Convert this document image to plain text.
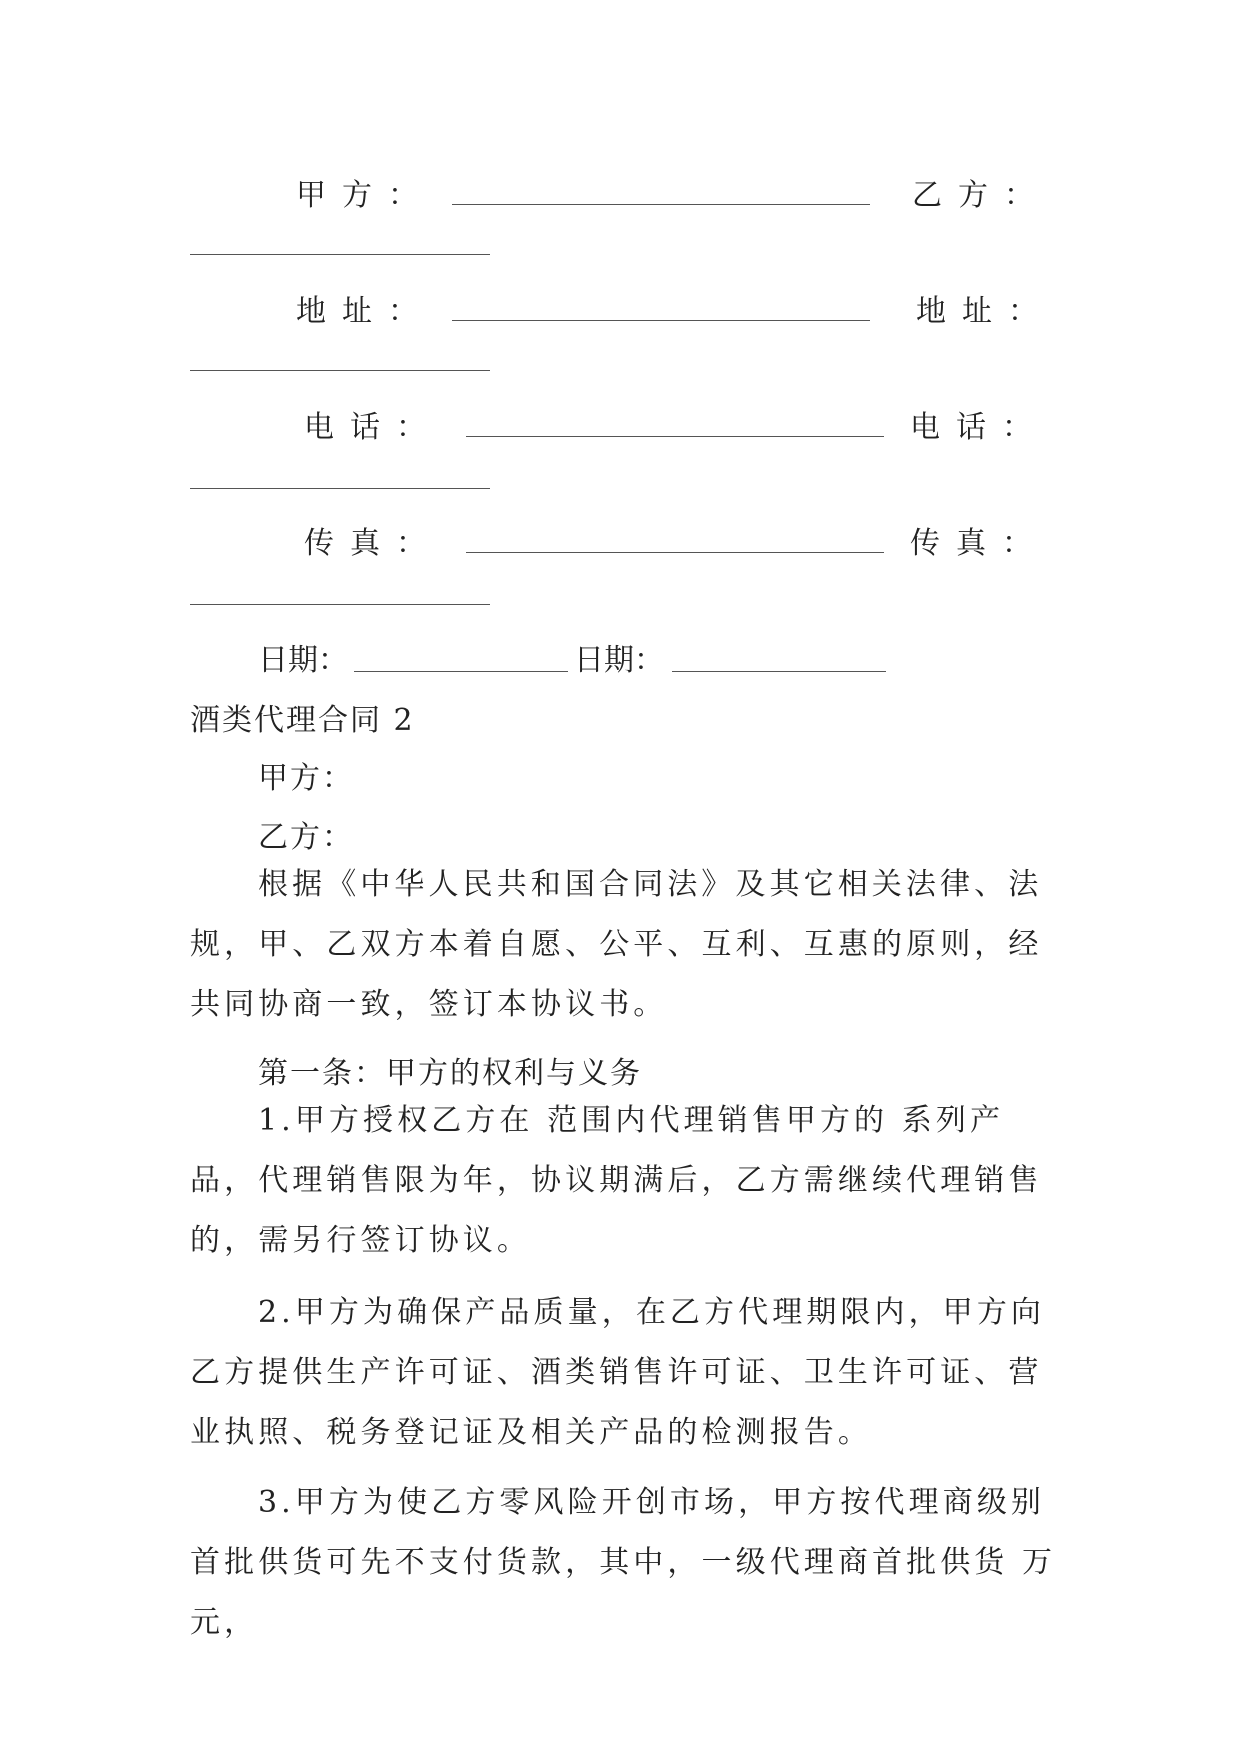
甲方：	乙方：
地址：	地址：
电话：	电话：
传真：	传真：
日期：	日期：
酒类代理合同 2
甲方：
乙方：

根据《中华人民共和国合同法》及其它相关法律、法规，甲、乙双方本着自愿、公平、互利、互惠的原则，经共同协商一致，签订本协议书。

第一条：甲方的权利与义务

1.甲方授权乙方在 范围内代理销售甲方的 系列产品，代理销售限为年，协议期满后，乙方需继续代理销售的，需另行签订协议。

2.甲方为确保产品质量，在乙方代理期限内，甲方向乙方提供生产许可证、酒类销售许可证、卫生许可证、营业执照、税务登记证及相关产品的检测报告。

3.甲方为使乙方零风险开创市场，甲方按代理商级别首批供货可先不支付货款，其中，一级代理商首批供货 万元，
